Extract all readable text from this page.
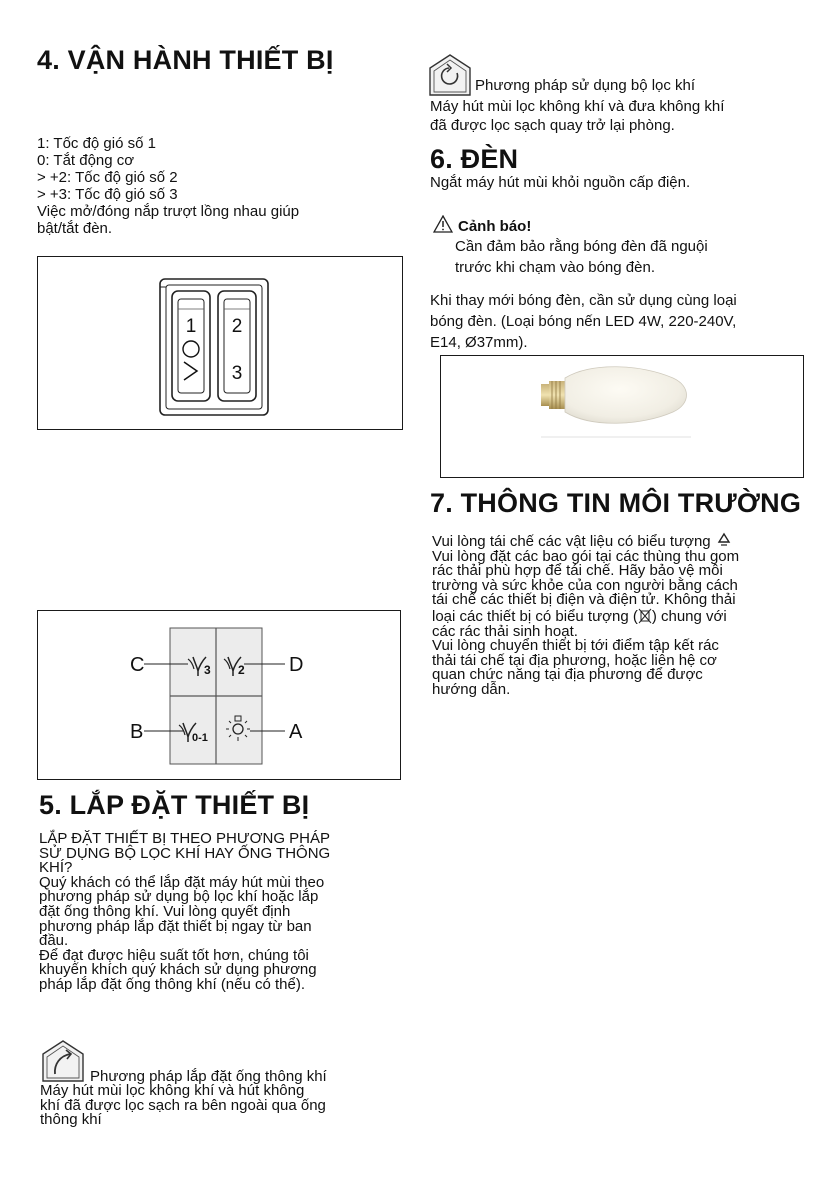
4. VẬN HÀNH THIẾT BỊ
1: Tốc độ gió số 1
0: Tắt động cơ
> +2: Tốc độ gió số 2
> +3: Tốc độ gió số 3
Việc mở/đóng nắp trượt lồng nhau giúp
bật/tắt đèn.
1 2
3
C	D
B	A
3 2
0-1
5. LẮP ĐẶT THIẾT BỊ
LẮP ĐẶT THIẾT BỊ THEO PHƯƠNG PHÁP
SỬ DỤNG BỘ LỌC KHÍ HAY ỐNG THÔNG
KHÍ?
Quý khách có thể lắp đặt máy hút mùi theo
phương pháp sử dụng bộ lọc khí hoặc lắp
đặt ống thông khí. Vui lòng quyết định
phương pháp lắp đặt thiết bị ngay từ ban
đầu.
Để đạt được hiệu suất tốt hơn, chúng tôi
khuyến khích quý khách sử dụng phương
pháp lắp đặt ống thông khí (nếu có thể).
Phương pháp lắp đặt ống thông khí
Máy hút mùi lọc không khí và hút không
khí đã được lọc sạch ra bên ngoài qua ống
thông khí
Phương pháp sử dụng bộ lọc khí
Máy hút mùi lọc không khí và đưa không khí
đã được lọc sạch quay trở lại phòng.
6. ĐÈN
Ngắt máy hút mùi khỏi nguồn cấp điện.
Cảnh báo!
Cần đảm bảo rằng bóng đèn đã nguội
trước khi chạm vào bóng đèn.
Khi thay mới bóng đèn, cần sử dụng cùng loại
bóng đèn. (Loại bóng nến LED 4W, 220-240V,
E14, Ø37mm).
7. THÔNG TIN MÔI TRƯỜNG
Vui lòng tái chế các vật liệu có biểu tượng
Vui lòng đặt các bao gói tại các thùng thu gom
rác thải phù hợp để tái chế. Hãy bảo vệ môi
trường và sức khỏe của con người bằng cách
tái chế các thiết bị điện và điện tử. Không thải
loại các thiết bị có biểu tượng ( ) chung với
các rác thải sinh hoạt.
Vui lòng chuyển thiết bị tới điểm tập kết rác
thải tái chế tại địa phương, hoặc liên hệ cơ
quan chức năng tại địa phương để được
hướng dẫn.
